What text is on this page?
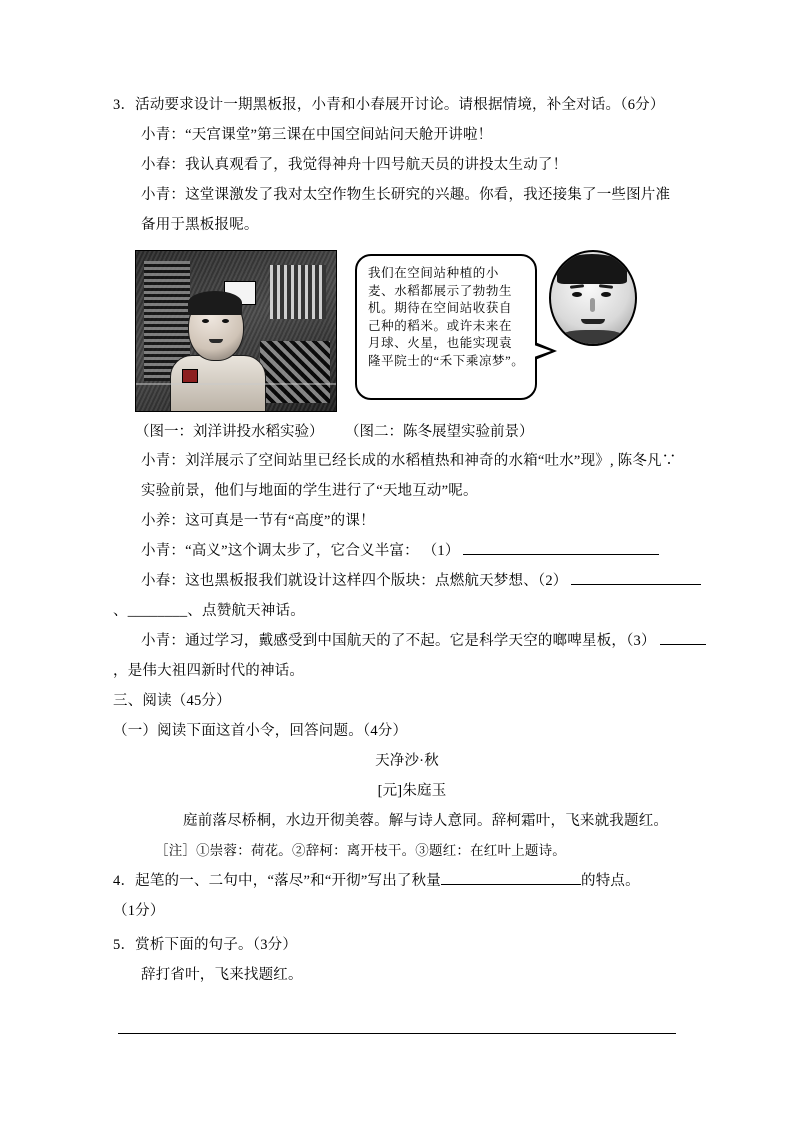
3．活动要求设计一期黑板报，小青和小春展开讨论。请根据情境，补全对话。（6分）
小青：“天宫课堂”第三课在中国空间站问天舱开讲啦！
小春：我认真观看了，我觉得神舟十四号航天员的讲投太生动了！
小青：这堂课激发了我对太空作物生长研究的兴趣。你看，我还接集了一些图片准备用于黑板报呢。
我们在空间站种植的小麦、水稻都展示了勃勃生机。期待在空间站收获自己种的稻米。或许未来在月球、火星，也能实现袁隆平院士的“禾下乘凉梦”。
（图一：刘洋讲投水稻实验）	（图二：陈冬展望实验前景）
小青：刘洋展示了空间站里已经长成的水稻植热和神奇的水箱“吐水”现》, 陈冬凡∵实验前景，他们与地面的学生进行了“天地互动”呢。
小养：这可真是一节有“高度”的课！
小青：“高义”这个调太步了，它合义半富： （1）
小春：这也黑板报我们就设计这样四个版块：点燃航天梦想、（2）
、________、点赞航天神话。
小青：通过学习，戴感受到中国航天的了不起。它是科学天空的啷啤星板，（3）
，是伟大祖四新时代的神话。
三、阅读（45分）
（一）阅读下面这首小令，回答问题。（4分）
天净沙·秋
[元]朱庭玉
庭前落尽桥桐，水边开彻美蓉。解与诗人意同。辞柯霜叶，飞来就我题红。
［注］①崇蓉：荷花。②辞柯：离开枝干。③题红：在红叶上题诗。
4．起笔的一、二句中，“落尽”和“开彻”写出了秋量	的特点。
（1分）
5．赏析下面的句子。（3分）
辞打省叶，飞来找题红。
